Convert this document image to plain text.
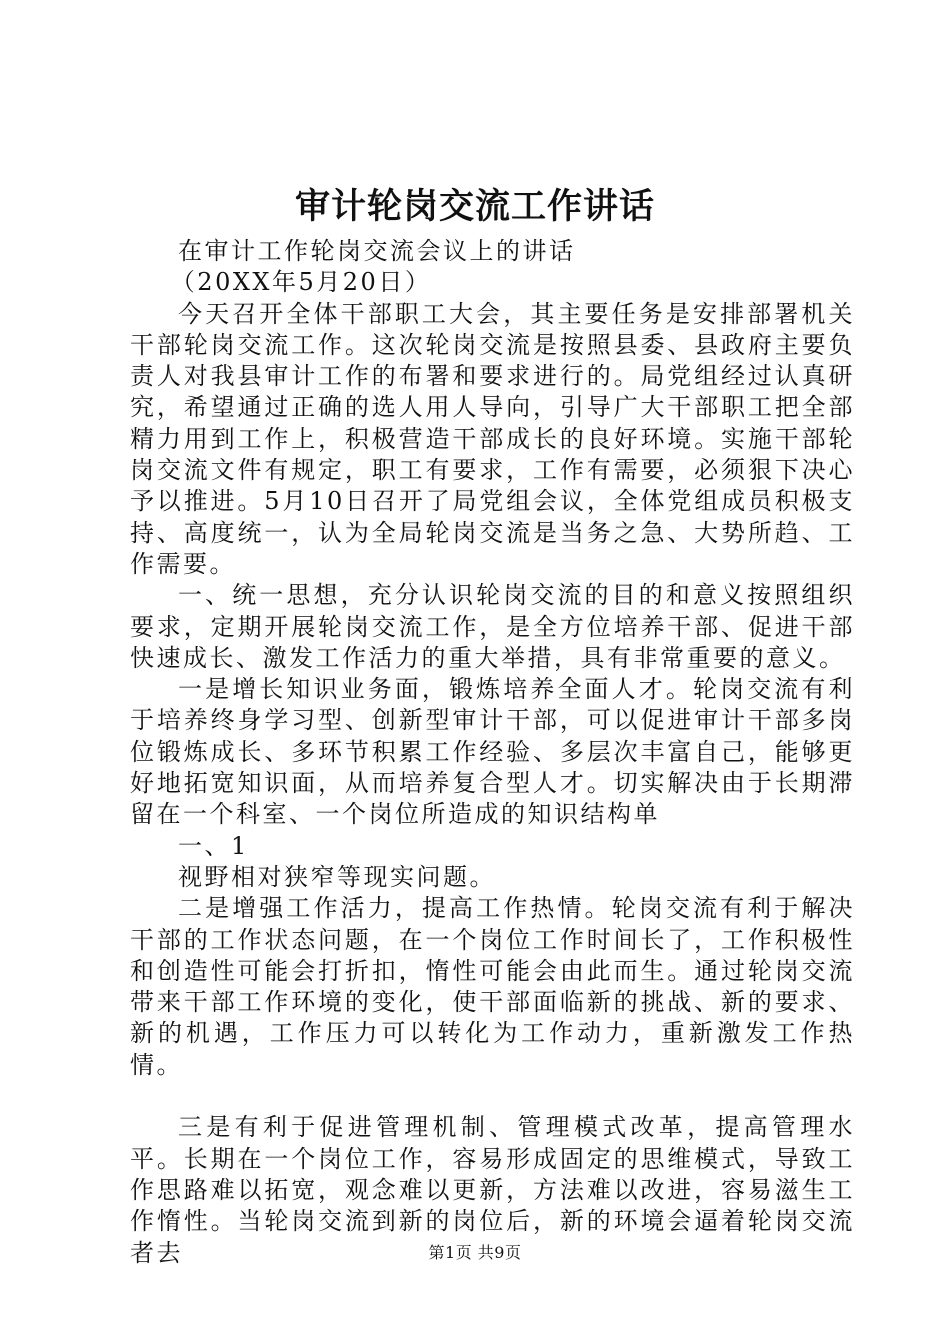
审计轮岗交流工作讲话

在审计工作轮岗交流会议上的讲话

（20XX年5月20日）

今天召开全体干部职工大会，其主要任务是安排部署机关干部轮岗交流工作。这次轮岗交流是按照县委、县政府主要负责人对我县审计工作的布署和要求进行的。局党组经过认真研究，希望通过正确的选人用人导向，引导广大干部职工把全部精力用到工作上，积极营造干部成长的良好环境。实施干部轮岗交流文件有规定，职工有要求，工作有需要，必须狠下决心予以推进。5月10日召开了局党组会议，全体党组成员积极支持、高度统一，认为全局轮岗交流是当务之急、大势所趋、工作需要。

一、统一思想，充分认识轮岗交流的目的和意义按照组织要求，定期开展轮岗交流工作，是全方位培养干部、促进干部快速成长、激发工作活力的重大举措，具有非常重要的意义。

一是增长知识业务面，锻炼培养全面人才。轮岗交流有利于培养终身学习型、创新型审计干部，可以促进审计干部多岗位锻炼成长、多环节积累工作经验、多层次丰富自己，能够更好地拓宽知识面，从而培养复合型人才。切实解决由于长期滞留在一个科室、一个岗位所造成的知识结构单

一、1

视野相对狭窄等现实问题。

二是增强工作活力，提高工作热情。轮岗交流有利于解决干部的工作状态问题，在一个岗位工作时间长了，工作积极性和创造性可能会打折扣，惰性可能会由此而生。通过轮岗交流带来干部工作环境的变化，使干部面临新的挑战、新的要求、新的机遇，工作压力可以转化为工作动力，重新激发工作热情。

三是有利于促进管理机制、管理模式改革，提高管理水平。长期在一个岗位工作，容易形成固定的思维模式，导致工作思路难以拓宽，观念难以更新，方法难以改进，容易滋生工作惰性。当轮岗交流到新的岗位后，新的环境会逼着轮岗交流者去	第1页 共9页
